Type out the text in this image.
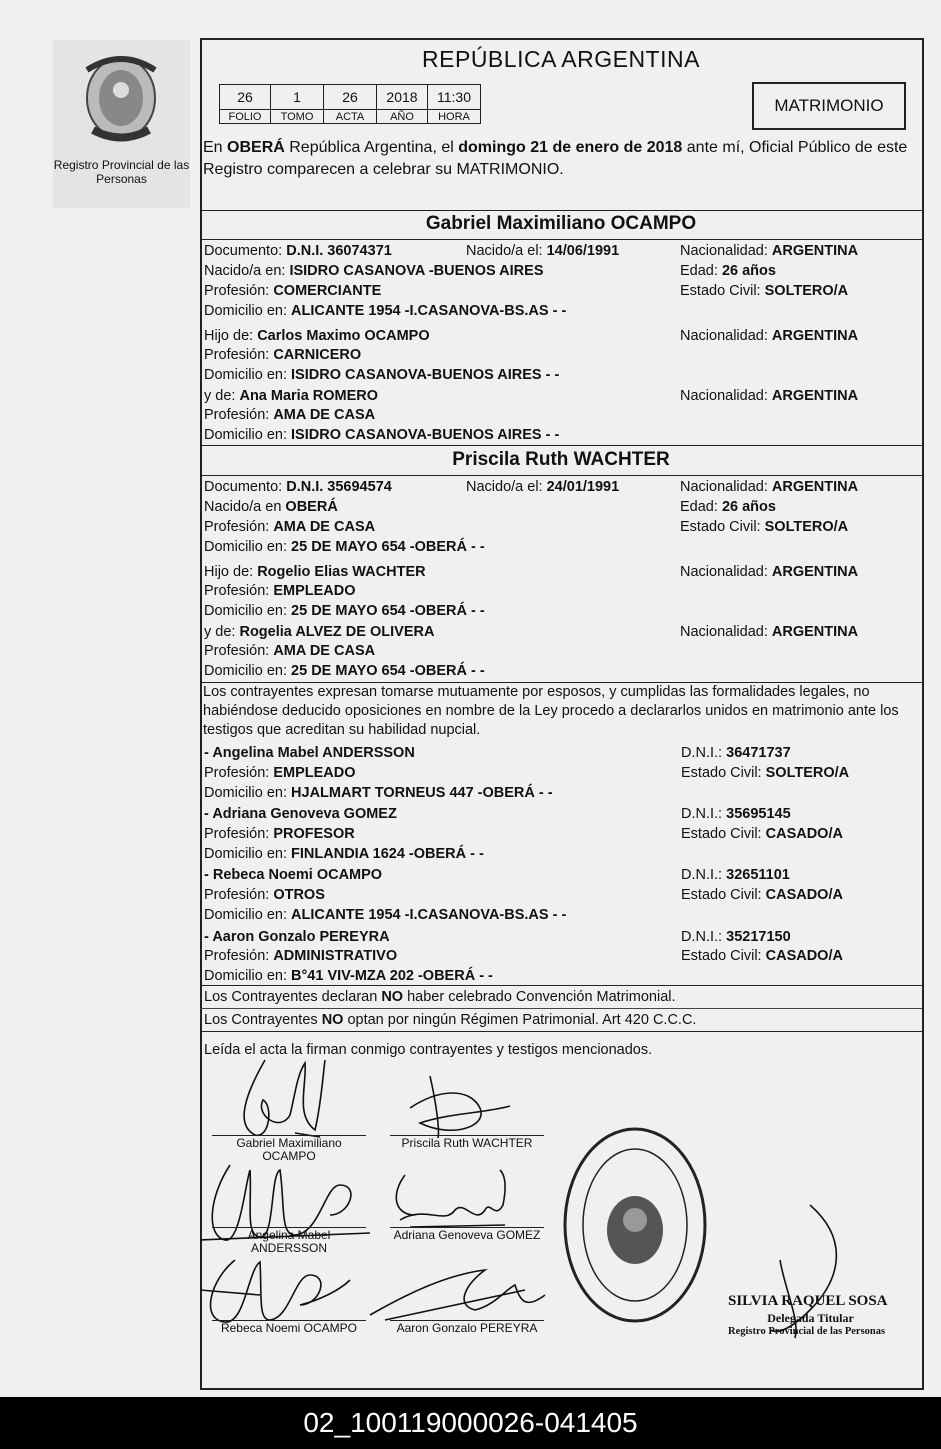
Registro Provincial de las Personas
REPÚBLICA ARGENTINA
26	1	26	2018	11:30
FOLIO	TOMO	ACTA	AÑO	HORA
MATRIMONIO
En OBERÁ República Argentina, el domingo 21 de enero de 2018 ante mí, Oficial Público de este Registro comparecen a celebrar su MATRIMONIO.
Gabriel Maximiliano OCAMPO
Documento: D.N.I. 36074371	Nacido/a el: 14/06/1991	Nacionalidad: ARGENTINA
Nacido/a en: ISIDRO CASANOVA -BUENOS AIRES	Edad: 26 años
Profesión: COMERCIANTE	Estado Civil: SOLTERO/A
Domicilio en: ALICANTE 1954 -I.CASANOVA-BS.AS - -
Hijo de: Carlos Maximo OCAMPO	Nacionalidad: ARGENTINA
Profesión: CARNICERO
Domicilio en: ISIDRO CASANOVA-BUENOS AIRES - -
y de: Ana Maria ROMERO	Nacionalidad: ARGENTINA
Profesión: AMA DE CASA
Domicilio en: ISIDRO CASANOVA-BUENOS AIRES - -
Priscila Ruth WACHTER
Documento: D.N.I. 35694574	Nacido/a el: 24/01/1991	Nacionalidad: ARGENTINA
Nacido/a en OBERÁ	Edad: 26 años
Profesión: AMA DE CASA	Estado Civil: SOLTERO/A
Domicilio en: 25 DE MAYO 654 -OBERÁ - -
Hijo de: Rogelio Elias WACHTER	Nacionalidad: ARGENTINA
Profesión: EMPLEADO
Domicilio en: 25 DE MAYO 654 -OBERÁ - -
y de: Rogelia ALVEZ DE OLIVERA	Nacionalidad: ARGENTINA
Profesión: AMA DE CASA
Domicilio en: 25 DE MAYO 654 -OBERÁ - -
Los contrayentes expresan tomarse mutuamente por esposos, y cumplidas las formalidades legales, no habiéndose deducido oposiciones en nombre de la Ley procedo a declararlos unidos en matrimonio ante los testigos que acreditan su habilidad nupcial.
- Angelina Mabel ANDERSSON	D.N.I.: 36471737
Profesión: EMPLEADO	Estado Civil: SOLTERO/A
Domicilio en: HJALMART TORNEUS 447 -OBERÁ - -
- Adriana Genoveva GOMEZ	D.N.I.: 35695145
Profesión: PROFESOR	Estado Civil: CASADO/A
Domicilio en: FINLANDIA 1624 -OBERÁ - -
- Rebeca Noemi OCAMPO	D.N.I.: 32651101
Profesión: OTROS	Estado Civil: CASADO/A
Domicilio en: ALICANTE 1954 -I.CASANOVA-BS.AS - -
- Aaron Gonzalo PEREYRA	D.N.I.: 35217150
Profesión: ADMINISTRATIVO	Estado Civil: CASADO/A
Domicilio en: B°41 VIV-MZA 202 -OBERÁ - -
Los Contrayentes declaran NO haber celebrado Convención Matrimonial.
Los Contrayentes NO optan por ningún Régimen Patrimonial. Art 420 C.C.C.
Leída el acta la firman conmigo contrayentes y testigos mencionados.
Gabriel Maximiliano
OCAMPO
Priscila Ruth WACHTER
Angelina Mabel
ANDERSSON
Adriana Genoveva GOMEZ
Rebeca Noemi OCAMPO	Aaron Gonzalo PEREYRA
SILVIA RAQUEL SOSA
Delegada Titular
Registro Provincial de las Personas
02_100119000026-041405
